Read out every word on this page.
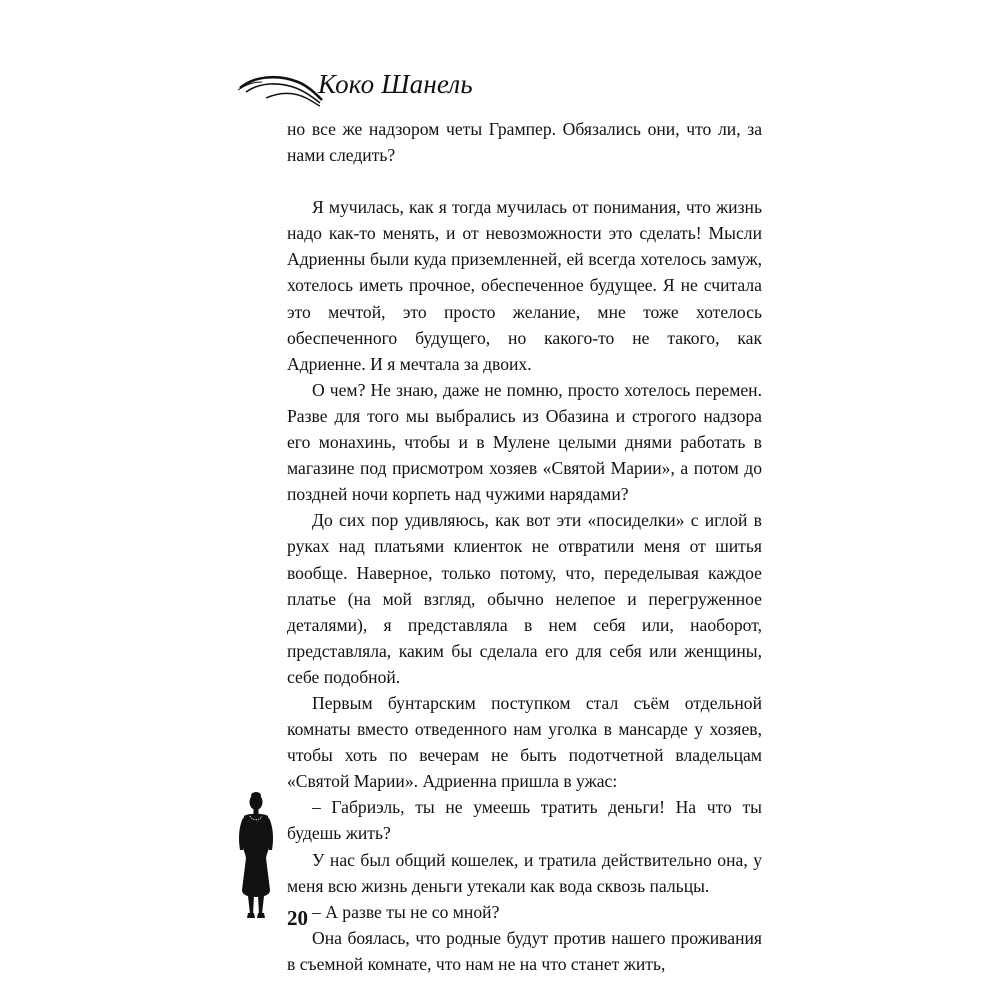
Коко Шанель

но все же надзором четы Грампер. Обязались они, что ли, за нами следить?

Я мучилась, как я тогда мучилась от понимания, что жизнь надо как-то менять, и от невозможности это сделать! Мысли Адриенны были куда приземленней, ей всегда хотелось замуж, хотелось иметь прочное, обеспеченное будущее. Я не считала это мечтой, это просто желание, мне тоже хотелось обеспеченного будущего, но какого-то не такого, как Адриенне. И я мечтала за двоих.

О чем? Не знаю, даже не помню, просто хотелось перемен. Разве для того мы выбрались из Обазина и строгого надзора его монахинь, чтобы и в Мулене целыми днями работать в магазине под присмотром хозяев «Святой Марии», а потом до поздней ночи корпеть над чужими нарядами?

До сих пор удивляюсь, как вот эти «посиделки» с иглой в руках над платьями клиенток не отвратили меня от шитья вообще. Наверное, только потому, что, переделывая каждое платье (на мой взгляд, обычно нелепое и перегруженное деталями), я представляла в нем себя или, наоборот, представляла, каким бы сделала его для себя или женщины, себе подобной.

Первым бунтарским поступком стал съём отдельной комнаты вместо отведенного нам уголка в мансарде у хозяев, чтобы хоть по вечерам не быть подотчетной владельцам «Святой Марии». Адриенна пришла в ужас:

– Габриэль, ты не умеешь тратить деньги! На что ты будешь жить?

У нас был общий кошелек, и тратила действительно она, у меня всю жизнь деньги утекали как вода сквозь пальцы.

– А разве ты не со мной?

Она боялась, что родные будут против нашего проживания в съемной комнате, что нам не на что станет жить,

20
